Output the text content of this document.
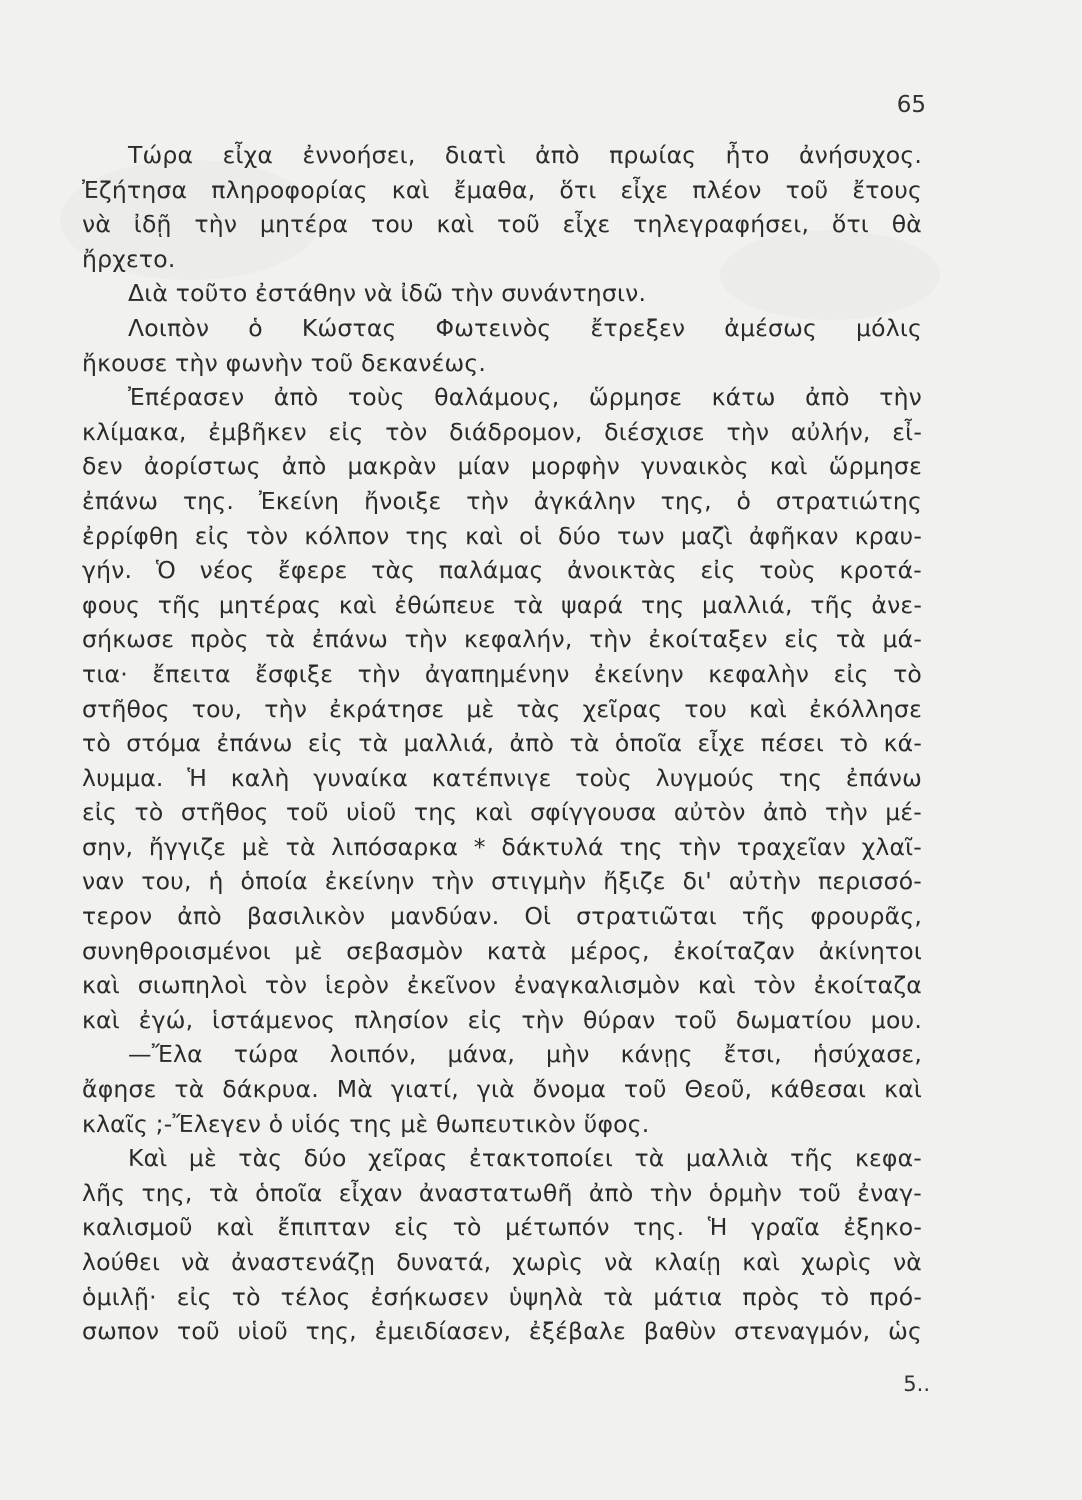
65
Τώρα εἶχα ἐννοήσει, διατὶ ἀπὸ πρωίας ἦτο ἀνήσυχος.
Ἐζήτησα πληροφορίας καὶ ἔμαθα, ὅτι εἶχε πλέον τοῦ ἔτους
νὰ ἰδῇ τὴν μητέρα του καὶ τοῦ εἶχε τηλεγραφήσει, ὅτι θὰ
ἤρχετο.
Διὰ τοῦτο ἐστάθην νὰ ἰδῶ τὴν συνάντησιν.
Λοιπὸν ὁ Κώστας Φωτεινὸς ἔτρεξεν ἀμέσως μόλις
ἤκουσε τὴν φωνὴν τοῦ δεκανέως.
Ἐπέρασεν ἀπὸ τοὺς θαλάμους, ὥρμησε κάτω ἀπὸ τὴν
κλίμακα, ἐμβῆκεν εἰς τὸν διάδρομον, διέσχισε τὴν αὐλήν, εἶ-
δεν ἀορίστως ἀπὸ μακρὰν μίαν μορφὴν γυναικὸς καὶ ὥρμησε
ἐπάνω της. Ἐκείνη ἤνοιξε τὴν ἀγκάλην της, ὁ στρατιώτης
ἐρρίφθη εἰς τὸν κόλπον της καὶ οἱ δύο των μαζὶ ἀφῆκαν κραυ-
γήν. Ὁ νέος ἔφερε τὰς παλάμας ἀνοικτὰς εἰς τοὺς κροτά-
φους τῆς μητέρας καὶ ἐθώπευε τὰ ψαρά της μαλλιά, τῆς ἀνε-
σήκωσε πρὸς τὰ ἐπάνω τὴν κεφαλήν, τὴν ἐκοίταξεν εἰς τὰ μά-
τια· ἔπειτα ἔσφιξε τὴν ἀγαπημένην ἐκείνην κεφαλὴν εἰς τὸ
στῆθος του, τὴν ἐκράτησε μὲ τὰς χεῖρας του καὶ ἐκόλλησε
τὸ στόμα ἐπάνω εἰς τὰ μαλλιά, ἀπὸ τὰ ὁποῖα εἶχε πέσει τὸ κά-
λυμμα. Ἡ καλὴ γυναίκα κατέπνιγε τοὺς λυγμούς της ἐπάνω
εἰς τὸ στῆθος τοῦ υἱοῦ της καὶ σφίγγουσα αὐτὸν ἀπὸ τὴν μέ-
σην, ἤγγιζε μὲ τὰ λιπόσαρκα * δάκτυλά της τὴν τραχεῖαν χλαῖ-
ναν του, ἡ ὁποία ἐκείνην τὴν στιγμὴν ἤξιζε δι' αὐτὴν περισσό-
τερον ἀπὸ βασιλικὸν μανδύαν. Οἱ στρατιῶται τῆς φρουρᾶς,
συνηθροισμένοι μὲ σεβασμὸν κατὰ μέρος, ἐκοίταζαν ἀκίνητοι
καὶ σιωπηλοὶ τὸν ἱερὸν ἐκεῖνον ἐναγκαλισμὸν καὶ τὸν ἐκοίταζα
καὶ ἐγώ, ἱστάμενος πλησίον εἰς τὴν θύραν τοῦ δωματίου μου.
—Ἔλα τώρα λοιπόν, μάνα, μὴν κάνῃς ἔτσι, ἡσύχασε,
ἄφησε τὰ δάκρυα. Μὰ γιατί, γιὰ ὄνομα τοῦ Θεοῦ, κάθεσαι καὶ
κλαῖς ;-Ἔλεγεν ὁ υἱός της μὲ θωπευτικὸν ὕφος.
Καὶ μὲ τὰς δύο χεῖρας ἐτακτοποίει τὰ μαλλιὰ τῆς κεφα-
λῆς της, τὰ ὁποῖα εἶχαν ἀναστατωθῆ ἀπὸ τὴν ὁρμὴν τοῦ ἐναγ-
καλισμοῦ καὶ ἔπιπταν εἰς τὸ μέτωπόν της. Ἡ γραῖα ἐξηκο-
λούθει νὰ ἀναστενάζῃ δυνατά, χωρὶς νὰ κλαίῃ καὶ χωρὶς νὰ
ὁμιλῇ· εἰς τὸ τέλος ἐσήκωσεν ὑψηλὰ τὰ μάτια πρὸς τὸ πρό-
σωπον τοῦ υἱοῦ της, ἐμειδίασεν, ἐξέβαλε βαθὺν στεναγμόν, ὡς
5..
